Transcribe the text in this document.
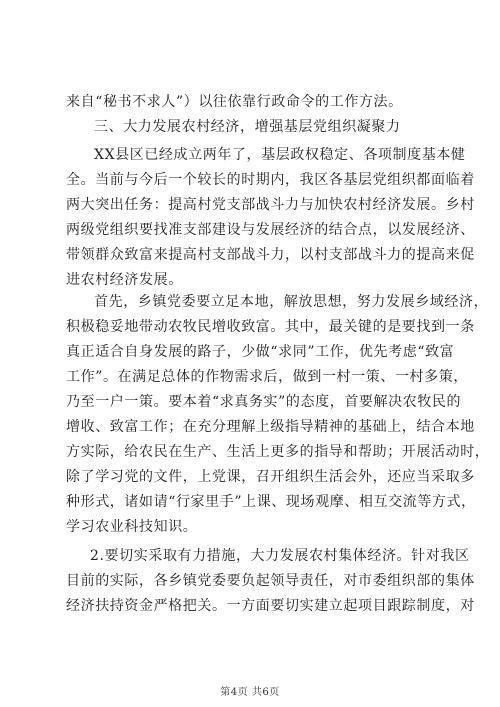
来自“秘书不求人”）以往依靠行政命令的工作方法。
三、大力发展农村经济，增强基层党组织凝聚力
XX县区已经成立两年了，基层政权稳定、各项制度基本健
全。当前与今后一个较长的时期内，我区各基层党组织都面临着
两大突出任务：提高村党支部战斗力与加快农村经济发展。乡村
两级党组织要找准支部建设与发展经济的结合点，以发展经济、
带领群众致富来提高村支部战斗力，以村支部战斗力的提高来促
进农村经济发展。
首先，乡镇党委要立足本地，解放思想，努力发展乡域经济，
积极稳妥地带动农牧民增收致富。其中，最关键的是要找到一条
真正适合自身发展的路子，少做“求同”工作，优先考虑“致富
工作”。在满足总体的作物需求后，做到一村一策、一村多策，
乃至一户一策。要本着“求真务实”的态度，首要解决农牧民的
增收、致富工作；在充分理解上级指导精神的基础上，结合本地
方实际，给农民在生产、生活上更多的指导和帮助；开展活动时，
除了学习党的文件，上党课，召开组织生活会外，还应当采取多
种形式，诸如请“行家里手”上课、现场观摩、相互交流等方式，
学习农业科技知识。
2.要切实采取有力措施，大力发展农村集体经济。针对我区
目前的实际，各乡镇党委要负起领导责任，对市委组织部的集体
经济扶持资金严格把关。一方面要切实建立起项目跟踪制度，对
第4页 共6页
